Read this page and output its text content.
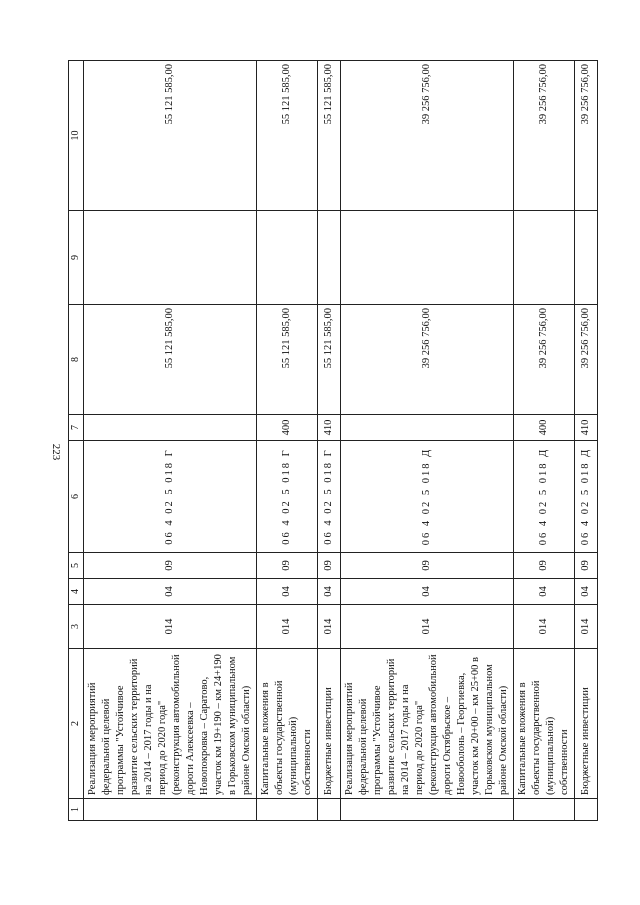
223
1	2	3	4	5	6	7	8	9	10
	Реализация мероприятий федеральной целевой программы "Устойчивое развитие сельских территорий на 2014 – 2017 годы и на период до 2020 года" (реконструкция автомобильной дороги Алексеевка – Новопокровка – Саратово, участок км 19+190 – км 24+190 в Горьковском муниципальном районе Омской области)	014	04	09	06 4 02 5 018 Г		55 121 585,00		55 121 585,00
	Капитальные вложения в объекты государственной (муниципальной) собственности	014	04	09	06 4 02 5 018 Г	400	55 121 585,00		55 121 585,00
	Бюджетные инвестиции	014	04	09	06 4 02 5 018 Г	410	55 121 585,00		55 121 585,00
	Реализация мероприятий федеральной целевой программы "Устойчивое развитие сельских территорий на 2014 – 2017 годы и на период до 2020 года" (реконструкция автомобильной дороги Октябрьское – Новооболонь – Георгиевка, участок км 20+00 – км 25+00 в Горьковском муниципальном районе Омской области)	014	04	09	06 4 02 5 018 Д		39 256 756,00		39 256 756,00
	Капитальные вложения в объекты государственной (муниципальной) собственности	014	04	09	06 4 02 5 018 Д	400	39 256 756,00		39 256 756,00
	Бюджетные инвестиции	014	04	09	06 4 02 5 018 Д	410	39 256 756,00		39 256 756,00
